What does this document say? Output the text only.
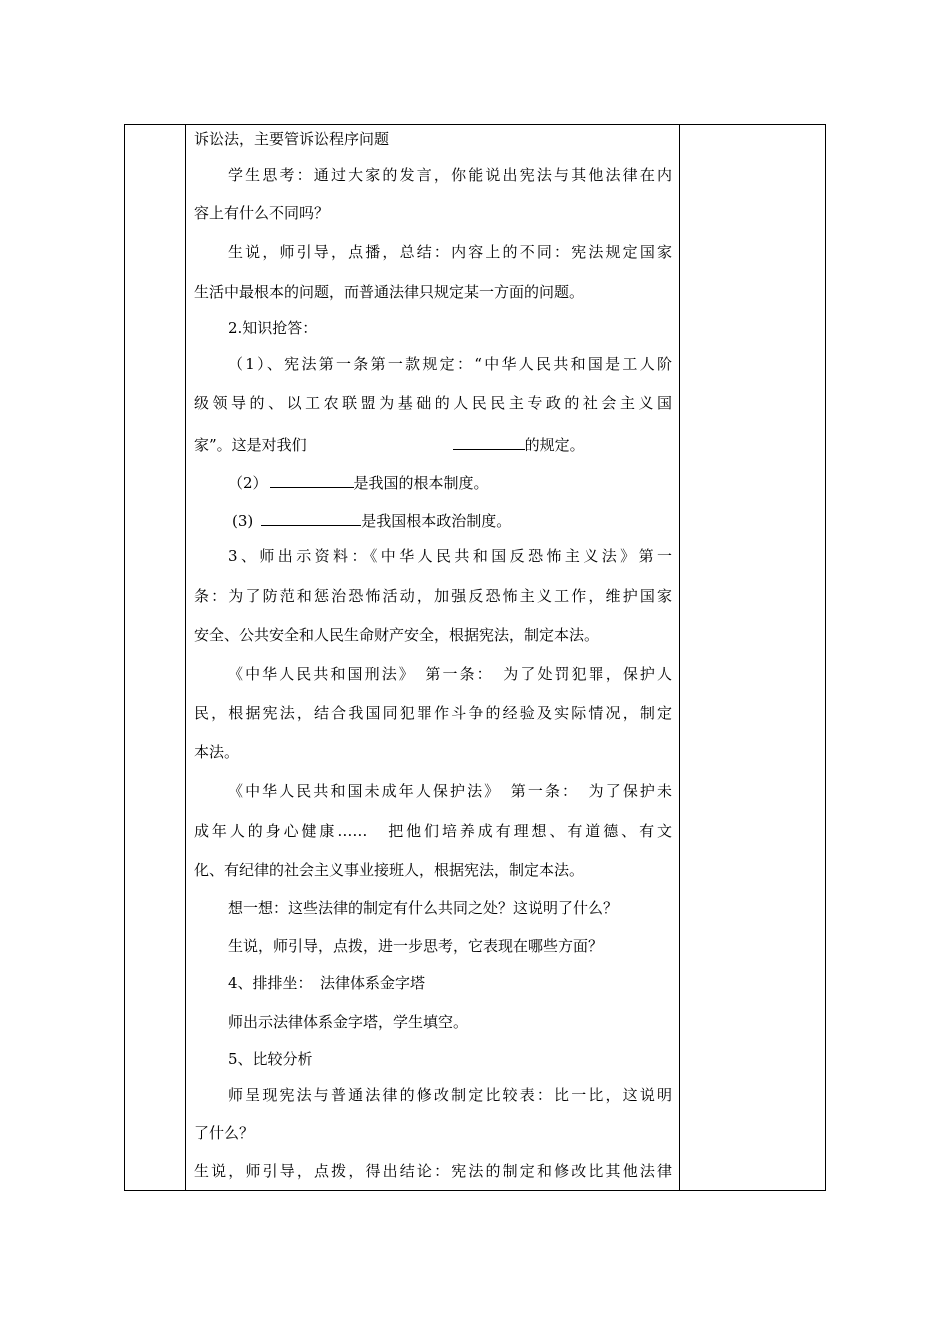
诉讼法，主要管诉讼程序问题
学生思考：通过大家的发言，你能说出宪法与其他法律在内
容上有什么不同吗？
生说，师引导，点播，总结：内容上的不同：宪法规定国家
生活中最根本的问题，而普通法律只规定某一方面的问题。
2.知识抢答：
（1）、宪法第一条第一款规定：“中华人民共和国是工人阶
级领导的、以工农联盟为基础的人民民主专政的社会主义国
家”。这是对我们	的规定。
（2）	是我国的根本制度。
(3)	是我国根本政治制度。
3、师出示资料：《中华人民共和国反恐怖主义法》第一
条：为了防范和惩治恐怖活动，加强反恐怖主义工作，维护国家
安全、公共安全和人民生命财产安全，根据宪法，制定本法。
《中华人民共和国刑法》　第一条：　为了处罚犯罪，保护人
民，根据宪法，结合我国同犯罪作斗争的经验及实际情况，制定
本法。
《中华人民共和国未成年人保护法》　第一条：　为了保护未
成年人的身心健康……　把他们培养成有理想、有道德、有文
化、有纪律的社会主义事业接班人，根据宪法，制定本法。
想一想：这些法律的制定有什么共同之处？这说明了什么？
生说，师引导，点拨，进一步思考，它表现在哪些方面？
4、排排坐：　法律体系金字塔
师出示法律体系金字塔，学生填空。
5、比较分析
师呈现宪法与普通法律的修改制定比较表：比一比，这说明
了什么？
生说，师引导，点拨，得出结论：宪法的制定和修改比其他法律
